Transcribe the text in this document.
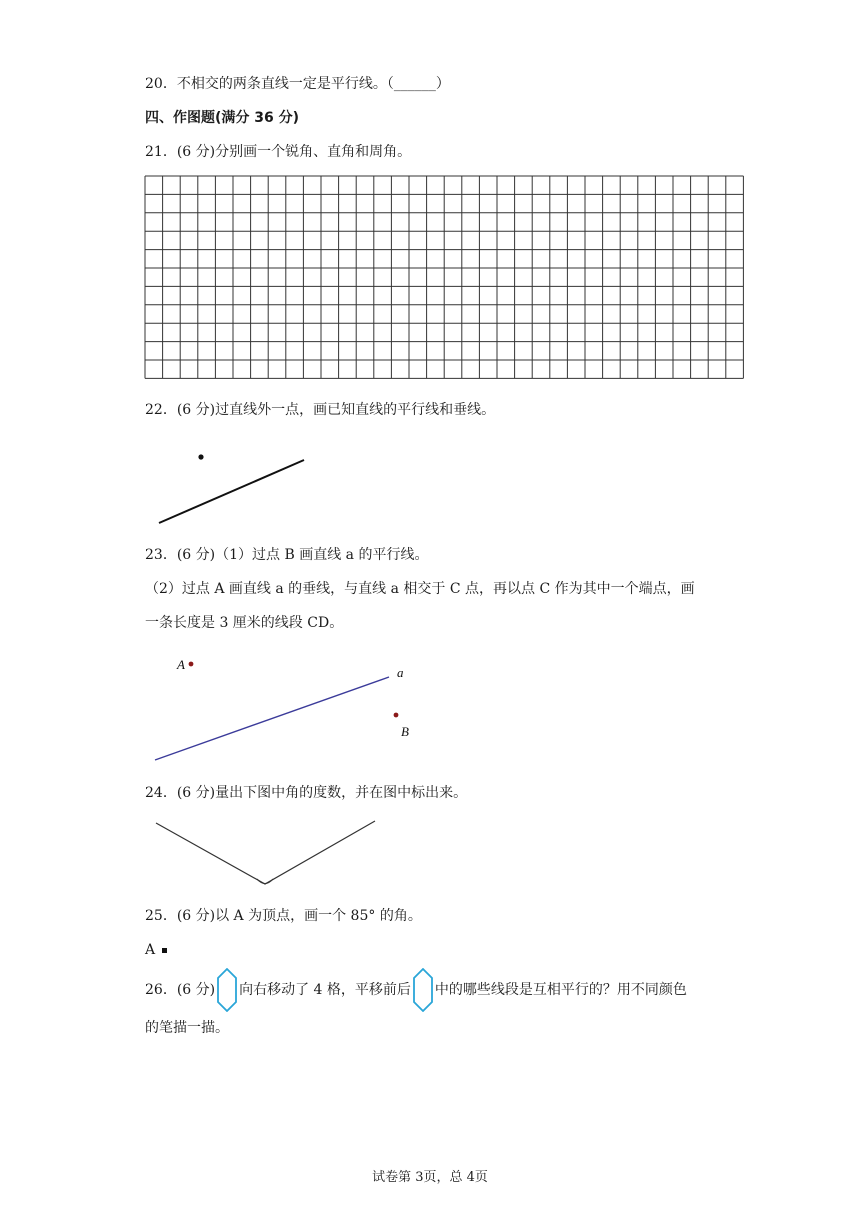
20．不相交的两条直线一定是平行线。（______）
四、作图题(满分 36 分)
21．(6 分)分别画一个锐角、直角和周角。
22．(6 分)过直线外一点，画已知直线的平行线和垂线。
23．(6 分)（1）过点 B 画直线 a 的平行线。
（2）过点 A 画直线 a 的垂线，与直线 a 相交于 C 点，再以点 C 作为其中一个端点，画
一条长度是 3 厘米的线段 CD。
A
a
B
24．(6 分)量出下图中角的度数，并在图中标出来。
25．(6 分)以 A 为顶点，画一个 85° 的角。
A
26．(6 分) 向右移动了 4 格，平移前后 中的哪些线段是互相平行的？用不同颜色
的笔描一描。
试卷第 3页，总 4页
